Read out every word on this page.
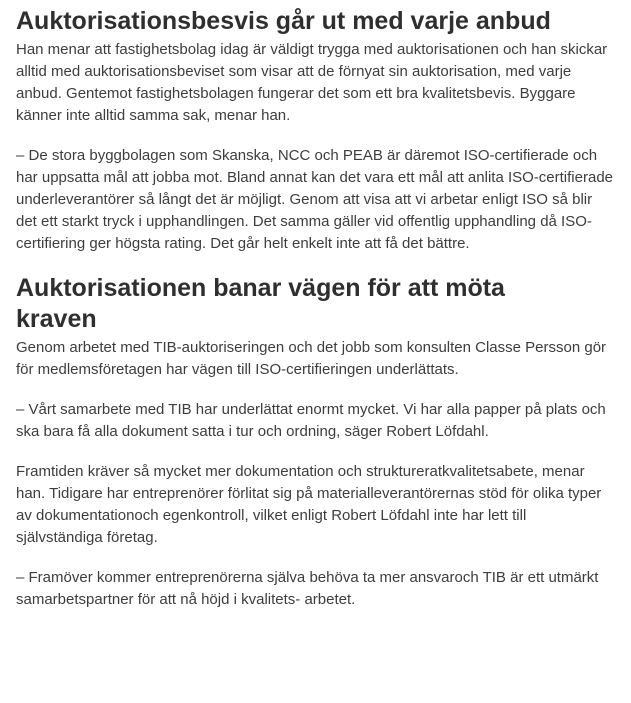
Auktorisationsbesvis går ut med varje anbud

Han menar att fastighetsbolag idag är väldigt trygga med auktorisationen och han skickar alltid med auktorisationsbeviset som visar att de förnyat sin auktorisation, med varje anbud. Gentemot fastighetsbolagen fungerar det som ett bra kvalitetsbevis. Byggare känner inte alltid samma sak, menar han.

– De stora byggbolagen som Skanska, NCC och PEAB är däremot ISO-certifierade och har uppsatta mål att jobba mot. Bland annat kan det vara ett mål att anlita ISO-certifierade underleverantörer så långt det är möjligt. Genom att visa att vi arbetar enligt ISO så blir det ett starkt tryck i upphandlingen. Det samma gäller vid offentlig upphandling då ISO-certifiering ger högsta rating. Det går helt enkelt inte att få det bättre.

Auktorisationen banar vägen för att möta kraven

Genom arbetet med TIB-auktoriseringen och det jobb som konsulten Classe Persson gör för medlemsföretagen har vägen till ISO-certifieringen underlättats.

– Vårt samarbete med TIB har underlättat enormt mycket. Vi har alla papper på plats och ska bara få alla dokument satta i tur och ordning, säger Robert Löfdahl.

Framtiden kräver så mycket mer dokumentation och struktureratkvalitetsabete, menar han. Tidigare har entreprenörer förlitat sig på materialleverantörernas stöd för olika typer av dokumentationoch egenkontroll, vilket enligt Robert Löfdahl inte har lett till självständiga företag.

– Framöver kommer entreprenörerna själva behöva ta mer ansvaroch TIB är ett utmärkt samarbetspartner för att nå höjd i kvalitets- arbetet.
